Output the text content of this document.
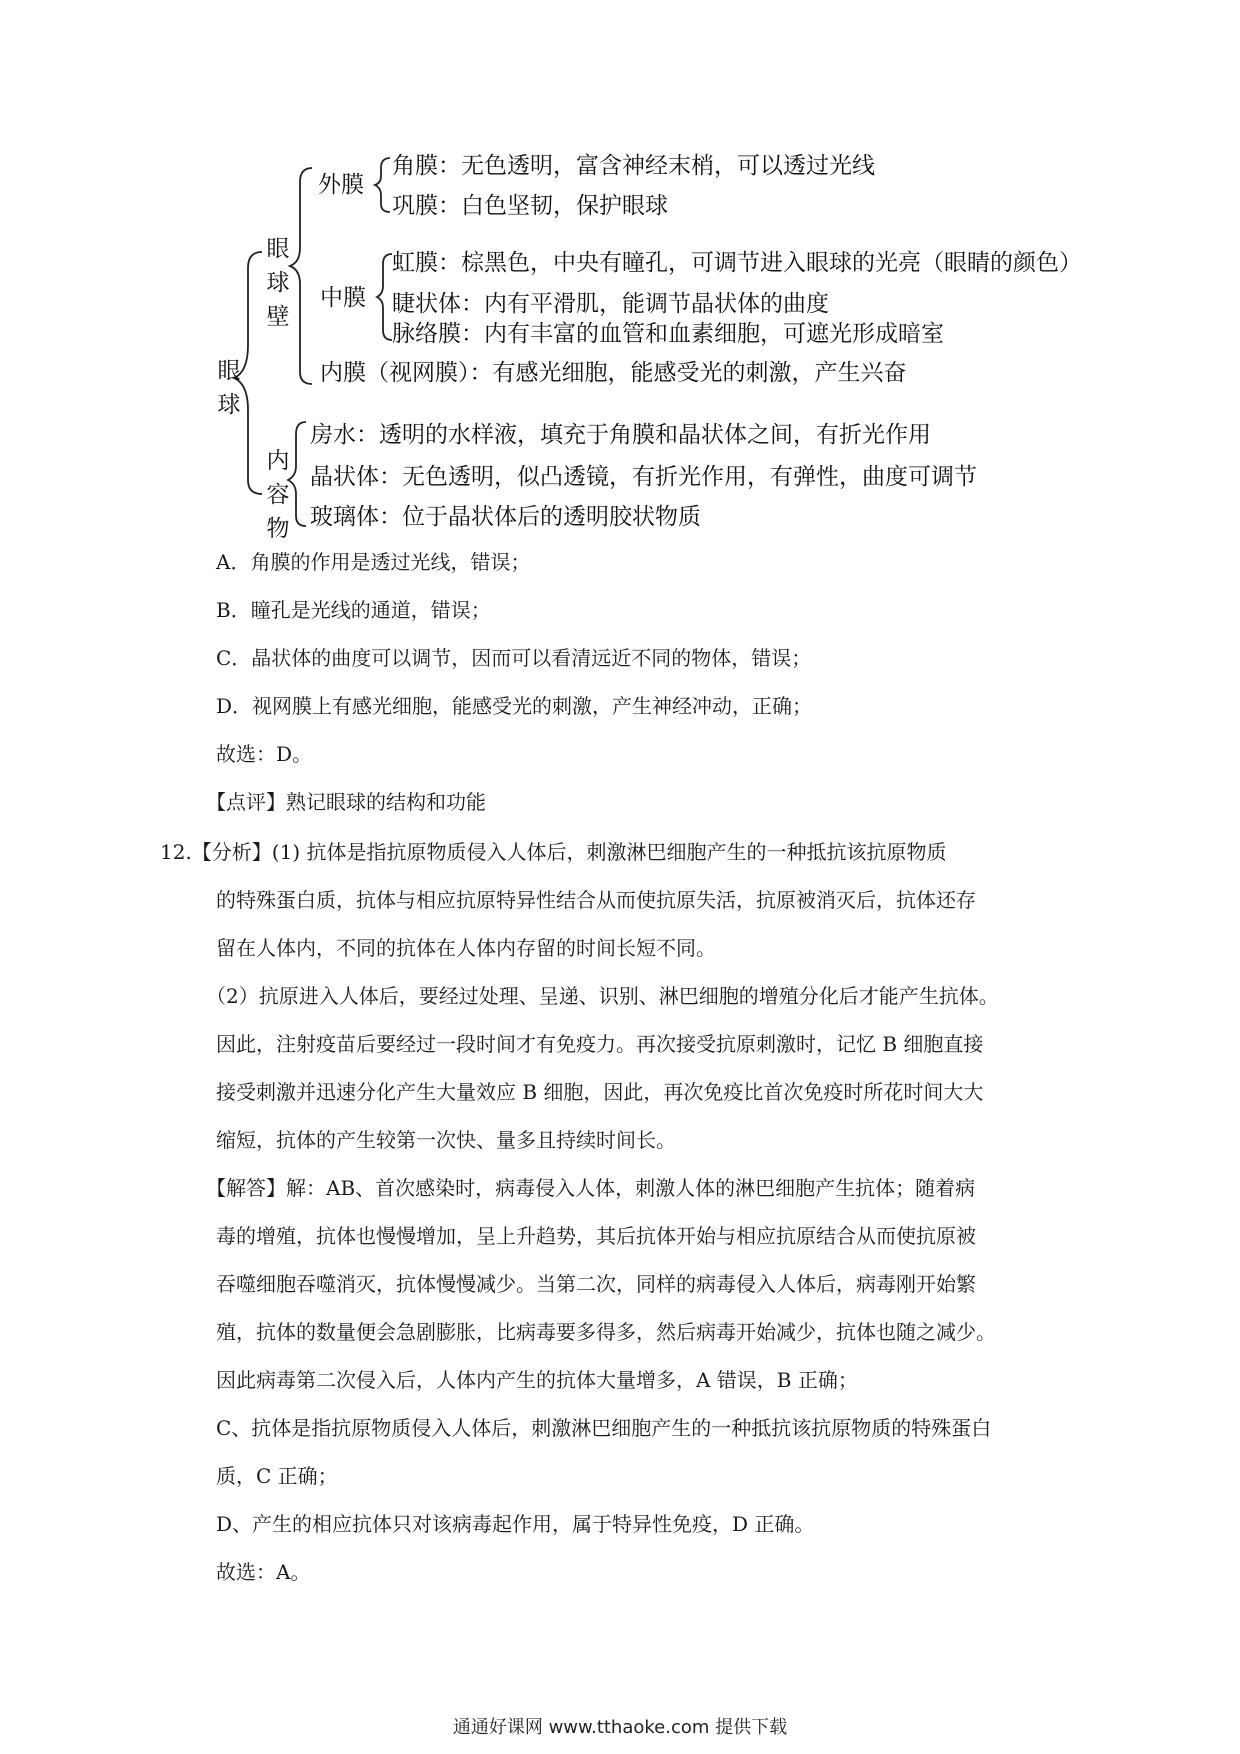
眼球
眼球壁
内容物
外膜
中膜
内膜（视网膜）：有感光细胞，能感受光的刺激，产生兴奋
角膜：无色透明，富含神经末梢，可以透过光线
巩膜：白色坚韧，保护眼球
虹膜：棕黑色，中央有瞳孔，可调节进入眼球的光亮（眼睛的颜色）
睫状体：内有平滑肌，能调节晶状体的曲度
脉络膜：内有丰富的血管和血素细胞，可遮光形成暗室
房水：透明的水样液，填充于角膜和晶状体之间，有折光作用
晶状体：无色透明，似凸透镜，有折光作用，有弹性，曲度可调节
玻璃体：位于晶状体后的透明胶状物质
A．角膜的作用是透过光线，错误；
B．瞳孔是光线的通道，错误；
C．晶状体的曲度可以调节，因而可以看清远近不同的物体，错误；
D．视网膜上有感光细胞，能感受光的刺激，产生神经冲动，正确；
故选：D。
【点评】熟记眼球的结构和功能
12.【分析】(1) 抗体是指抗原物质侵入人体后，刺激淋巴细胞产生的一种抵抗该抗原物质
的特殊蛋白质，抗体与相应抗原特异性结合从而使抗原失活，抗原被消灭后，抗体还存
留在人体内，不同的抗体在人体内存留的时间长短不同。
（2）抗原进入人体后，要经过处理、呈递、识别、淋巴细胞的增殖分化后才能产生抗体。
因此，注射疫苗后要经过一段时间才有免疫力。再次接受抗原刺激时，记忆 B 细胞直接
接受刺激并迅速分化产生大量效应 B 细胞，因此，再次免疫比首次免疫时所花时间大大
缩短，抗体的产生较第一次快、量多且持续时间长。
【解答】解：AB、首次感染时，病毒侵入人体，刺激人体的淋巴细胞产生抗体；随着病
毒的增殖，抗体也慢慢增加，呈上升趋势，其后抗体开始与相应抗原结合从而使抗原被
吞噬细胞吞噬消灭，抗体慢慢减少。当第二次，同样的病毒侵入人体后，病毒刚开始繁
殖，抗体的数量便会急剧膨胀，比病毒要多得多，然后病毒开始减少，抗体也随之减少。
因此病毒第二次侵入后，人体内产生的抗体大量增多，A 错误，B 正确；
C、抗体是指抗原物质侵入人体后，刺激淋巴细胞产生的一种抵抗该抗原物质的特殊蛋白
质，C 正确；
D、产生的相应抗体只对该病毒起作用，属于特异性免疫，D 正确。
故选：A。
通通好课网 www.tthaoke.com 提供下载
